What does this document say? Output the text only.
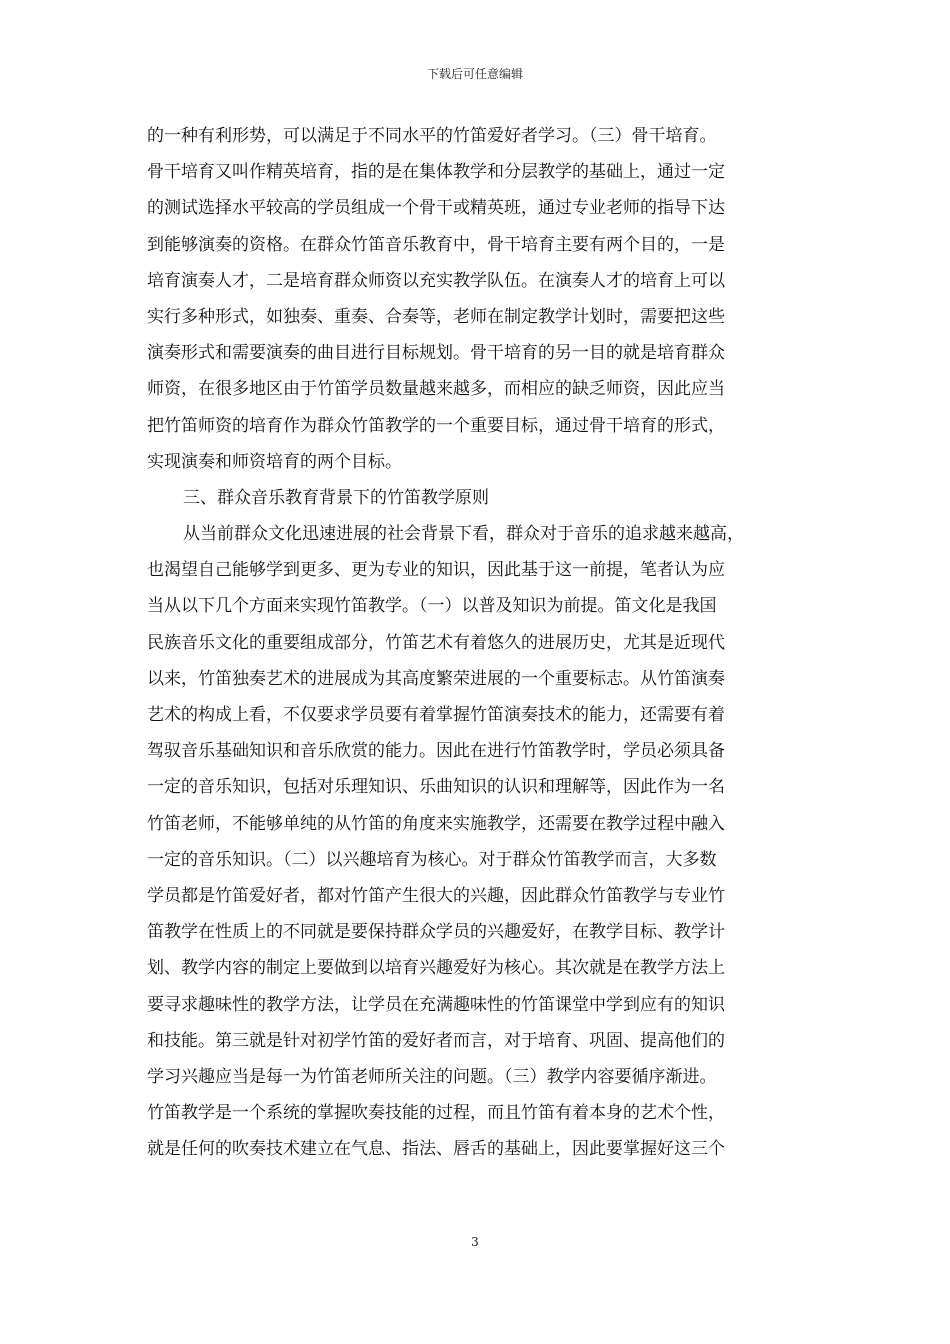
下载后可任意编辑
的一种有利形势，可以满足于不同水平的竹笛爱好者学习。（三）骨干培育。
骨干培育又叫作精英培育，指的是在集体教学和分层教学的基础上，通过一定
的测试选择水平较高的学员组成一个骨干或精英班，通过专业老师的指导下达
到能够演奏的资格。在群众竹笛音乐教育中，骨干培育主要有两个目的，一是
培育演奏人才，二是培育群众师资以充实教学队伍。在演奏人才的培育上可以
实行多种形式，如独奏、重奏、合奏等，老师在制定教学计划时，需要把这些
演奏形式和需要演奏的曲目进行目标规划。骨干培育的另一目的就是培育群众
师资，在很多地区由于竹笛学员数量越来越多，而相应的缺乏师资，因此应当
把竹笛师资的培育作为群众竹笛教学的一个重要目标，通过骨干培育的形式，
实现演奏和师资培育的两个目标。
三、群众音乐教育背景下的竹笛教学原则
从当前群众文化迅速进展的社会背景下看，群众对于音乐的追求越来越高，
也渴望自己能够学到更多、更为专业的知识，因此基于这一前提，笔者认为应
当从以下几个方面来实现竹笛教学。（一）以普及知识为前提。笛文化是我国
民族音乐文化的重要组成部分，竹笛艺术有着悠久的进展历史，尤其是近现代
以来，竹笛独奏艺术的进展成为其高度繁荣进展的一个重要标志。从竹笛演奏
艺术的构成上看，不仅要求学员要有着掌握竹笛演奏技术的能力，还需要有着
驾驭音乐基础知识和音乐欣赏的能力。因此在进行竹笛教学时，学员必须具备
一定的音乐知识，包括对乐理知识、乐曲知识的认识和理解等，因此作为一名
竹笛老师，不能够单纯的从竹笛的角度来实施教学，还需要在教学过程中融入
一定的音乐知识。（二）以兴趣培育为核心。对于群众竹笛教学而言，大多数
学员都是竹笛爱好者，都对竹笛产生很大的兴趣，因此群众竹笛教学与专业竹
笛教学在性质上的不同就是要保持群众学员的兴趣爱好，在教学目标、教学计
划、教学内容的制定上要做到以培育兴趣爱好为核心。其次就是在教学方法上
要寻求趣味性的教学方法，让学员在充满趣味性的竹笛课堂中学到应有的知识
和技能。第三就是针对初学竹笛的爱好者而言，对于培育、巩固、提高他们的
学习兴趣应当是每一为竹笛老师所关注的问题。（三）教学内容要循序渐进。
竹笛教学是一个系统的掌握吹奏技能的过程，而且竹笛有着本身的艺术个性，
就是任何的吹奏技术建立在气息、指法、唇舌的基础上，因此要掌握好这三个
3
